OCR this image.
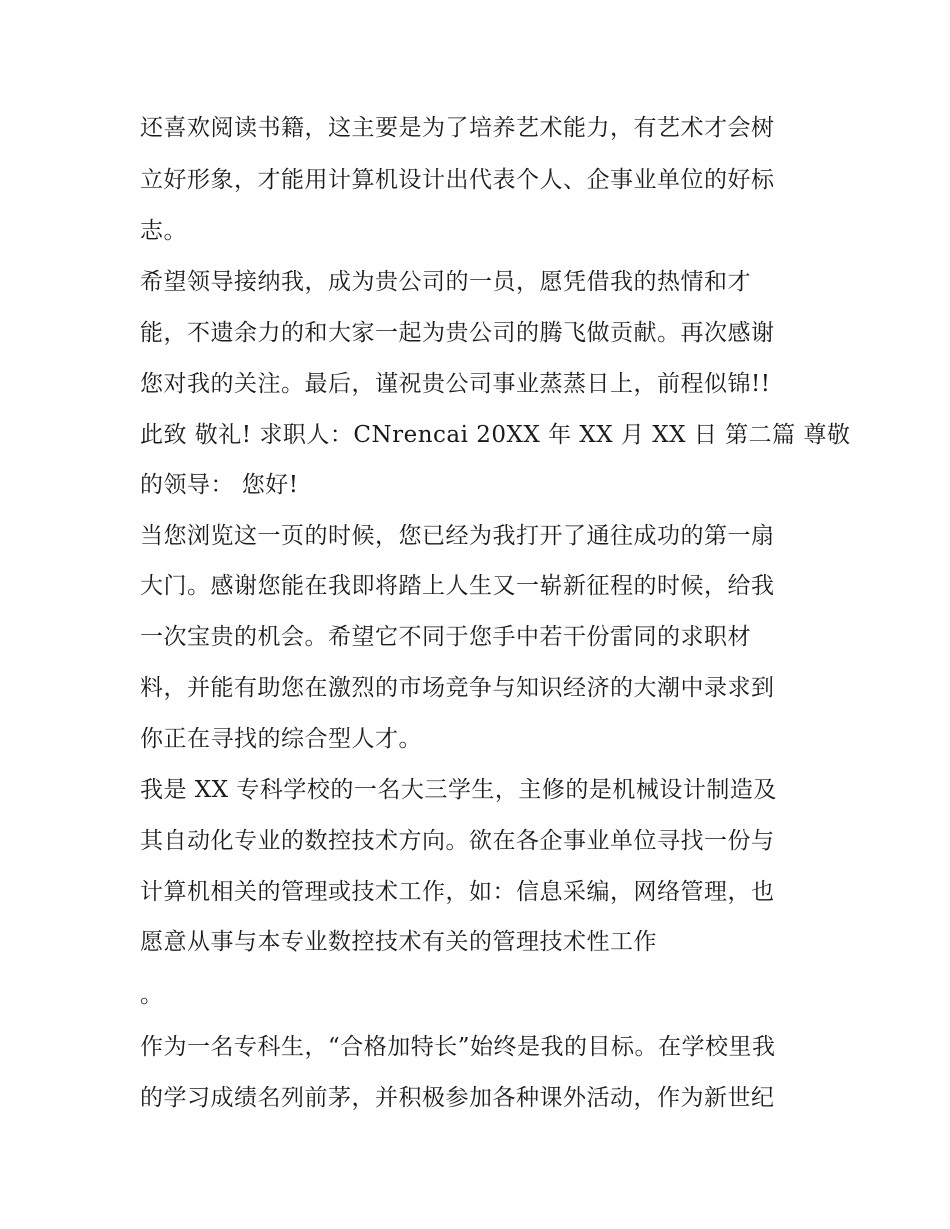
还喜欢阅读书籍，这主要是为了培养艺术能力，有艺术才会树
立好形象，才能用计算机设计出代表个人、企事业单位的好标
志。
希望领导接纳我，成为贵公司的一员，愿凭借我的热情和才
能，不遗余力的和大家一起为贵公司的腾飞做贡献。再次感谢
您对我的关注。最后，谨祝贵公司事业蒸蒸日上，前程似锦!!
此致 敬礼! 求职人：CNrencai 20XX 年 XX 月 XX 日 第二篇 尊敬
的领导： 您好!
当您浏览这一页的时候，您已经为我打开了通往成功的第一扇
大门。感谢您能在我即将踏上人生又一崭新征程的时候，给我
一次宝贵的机会。希望它不同于您手中若干份雷同的求职材
料，并能有助您在激烈的市场竞争与知识经济的大潮中录求到
你正在寻找的综合型人才。
我是 XX 专科学校的一名大三学生，主修的是机械设计制造及
其自动化专业的数控技术方向。欲在各企事业单位寻找一份与
计算机相关的管理或技术工作，如：信息采编，网络管理，也
愿意从事与本专业数控技术有关的管理技术性工作
。
作为一名专科生，“合格加特长”始终是我的目标。在学校里我
的学习成绩名列前茅，并积极参加各种课外活动，作为新世纪
